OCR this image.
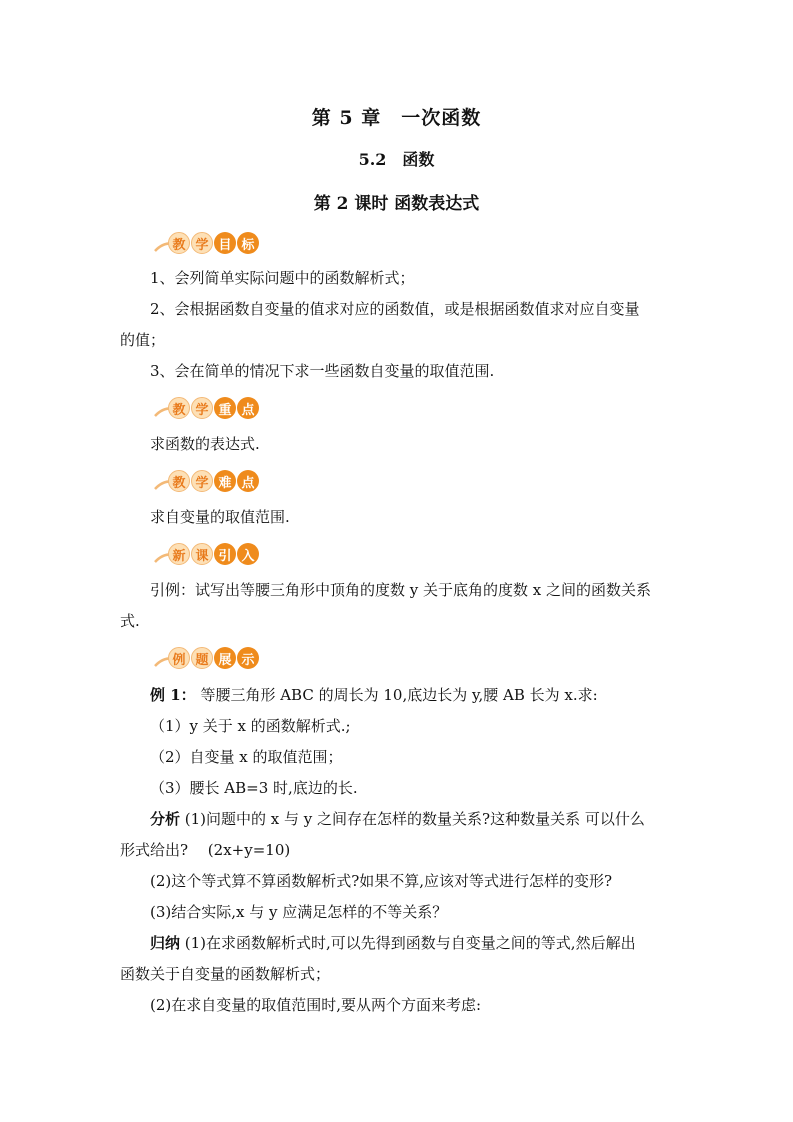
第 5 章　一次函数
5.2　函数
第 2 课时 函数表达式
教 学 目 标
1、会列简单实际问题中的函数解析式；
2、会根据函数自变量的值求对应的函数值，或是根据函数值求对应自变量
的值；
3、会在简单的情况下求一些函数自变量的取值范围.
教 学 重 点
求函数的表达式.
教 学 难 点
求自变量的取值范围.
新 课 引 入
引例：试写出等腰三角形中顶角的度数 y 关于底角的度数 x 之间的函数关系
式.
例 题 展 示
例 1： 等腰三角形 ABC 的周长为 10,底边长为 y,腰 AB 长为 x.求:
（1）y 关于 x 的函数解析式.;
（2）自变量 x 的取值范围；
（3）腰长 AB=3 时,底边的长.
分析 (1)问题中的 x 与 y 之间存在怎样的数量关系?这种数量关系 可以什么
形式给出?　 (2x+y=10)
(2)这个等式算不算函数解析式?如果不算,应该对等式进行怎样的变形?
(3)结合实际,x 与 y 应满足怎样的不等关系？
归纳 (1)在求函数解析式时,可以先得到函数与自变量之间的等式,然后解出
函数关于自变量的函数解析式；
(2)在求自变量的取值范围时,要从两个方面来考虑:
